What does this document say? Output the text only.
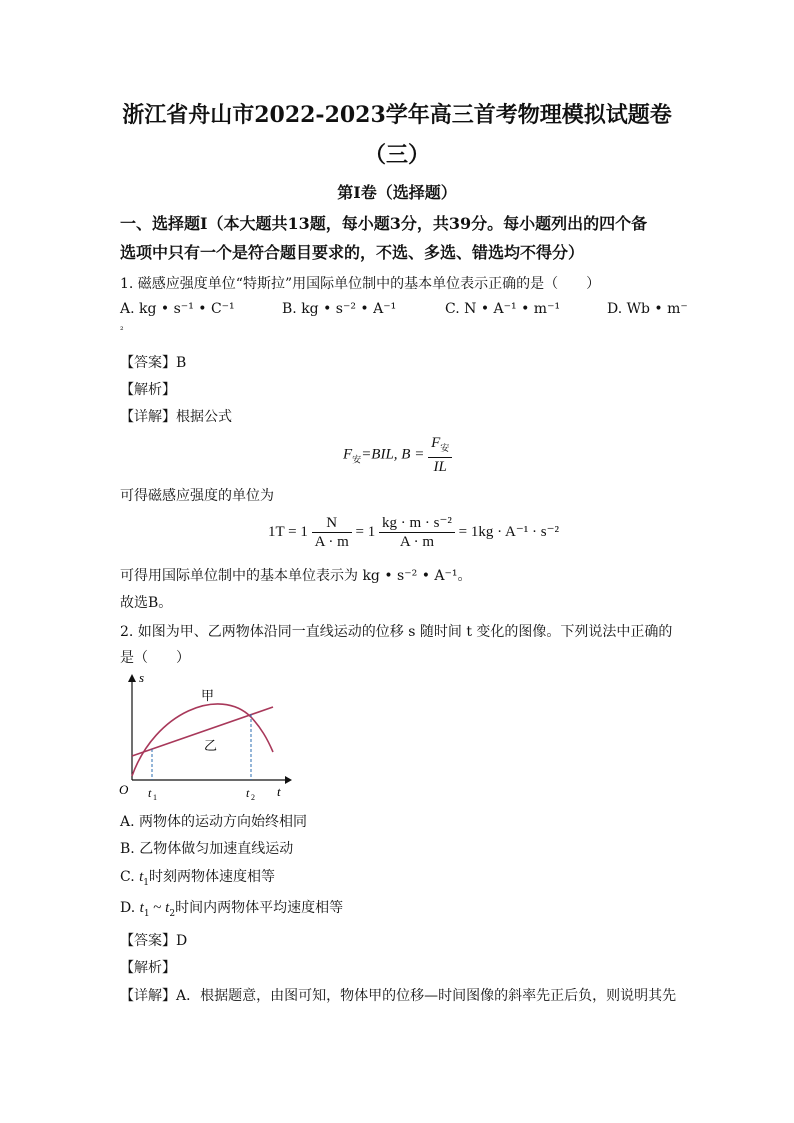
浙江省舟山市2022-2023学年高三首考物理模拟试题卷
（三）
第Ⅰ卷（选择题）
一、选择题Ⅰ（本大题共13题，每小题3分，共39分。每小题列出的四个备
选项中只有一个是符合题目要求的，不选、多选、错选均不得分）
1. 磁感应强度单位“特斯拉”用国际单位制中的基本单位表示正确的是（　　）
A. kg • s⁻¹ • C⁻¹	B. kg • s⁻² • A⁻¹	C. N • A⁻¹ • m⁻¹	D. Wb • m⁻
²
【答案】B
【解析】
【详解】根据公式
$F_安=BIL$, $B = \frac{F_安}{IL}$
可得磁感应强度的单位为
$1T = 1 \frac{N}{A \cdot m} = 1 \frac{\text{kg · m · s⁻²}}{A \cdot m} = 1kg \cdot A^{-1} \cdot s^{-2}$
可得用国际单位制中的基本单位表示为 kg • s⁻² • A⁻¹。
故选B。
2. 如图为甲、乙两物体沿同一直线运动的位移 s 随时间 t 变化的图像。下列说法中正确的
是（　　）
s
t
O
甲
乙
t 1	t 2
A. 两物体的运动方向始终相同
B. 乙物体做匀加速直线运动
C. $t_1$时刻两物体速度相等
D. $t_1$ ~ $t_2$时间内两物体平均速度相等
【答案】D
【解析】
【详解】A．根据题意，由图可知，物体甲的位移—时间图像的斜率先正后负，则说明其先
